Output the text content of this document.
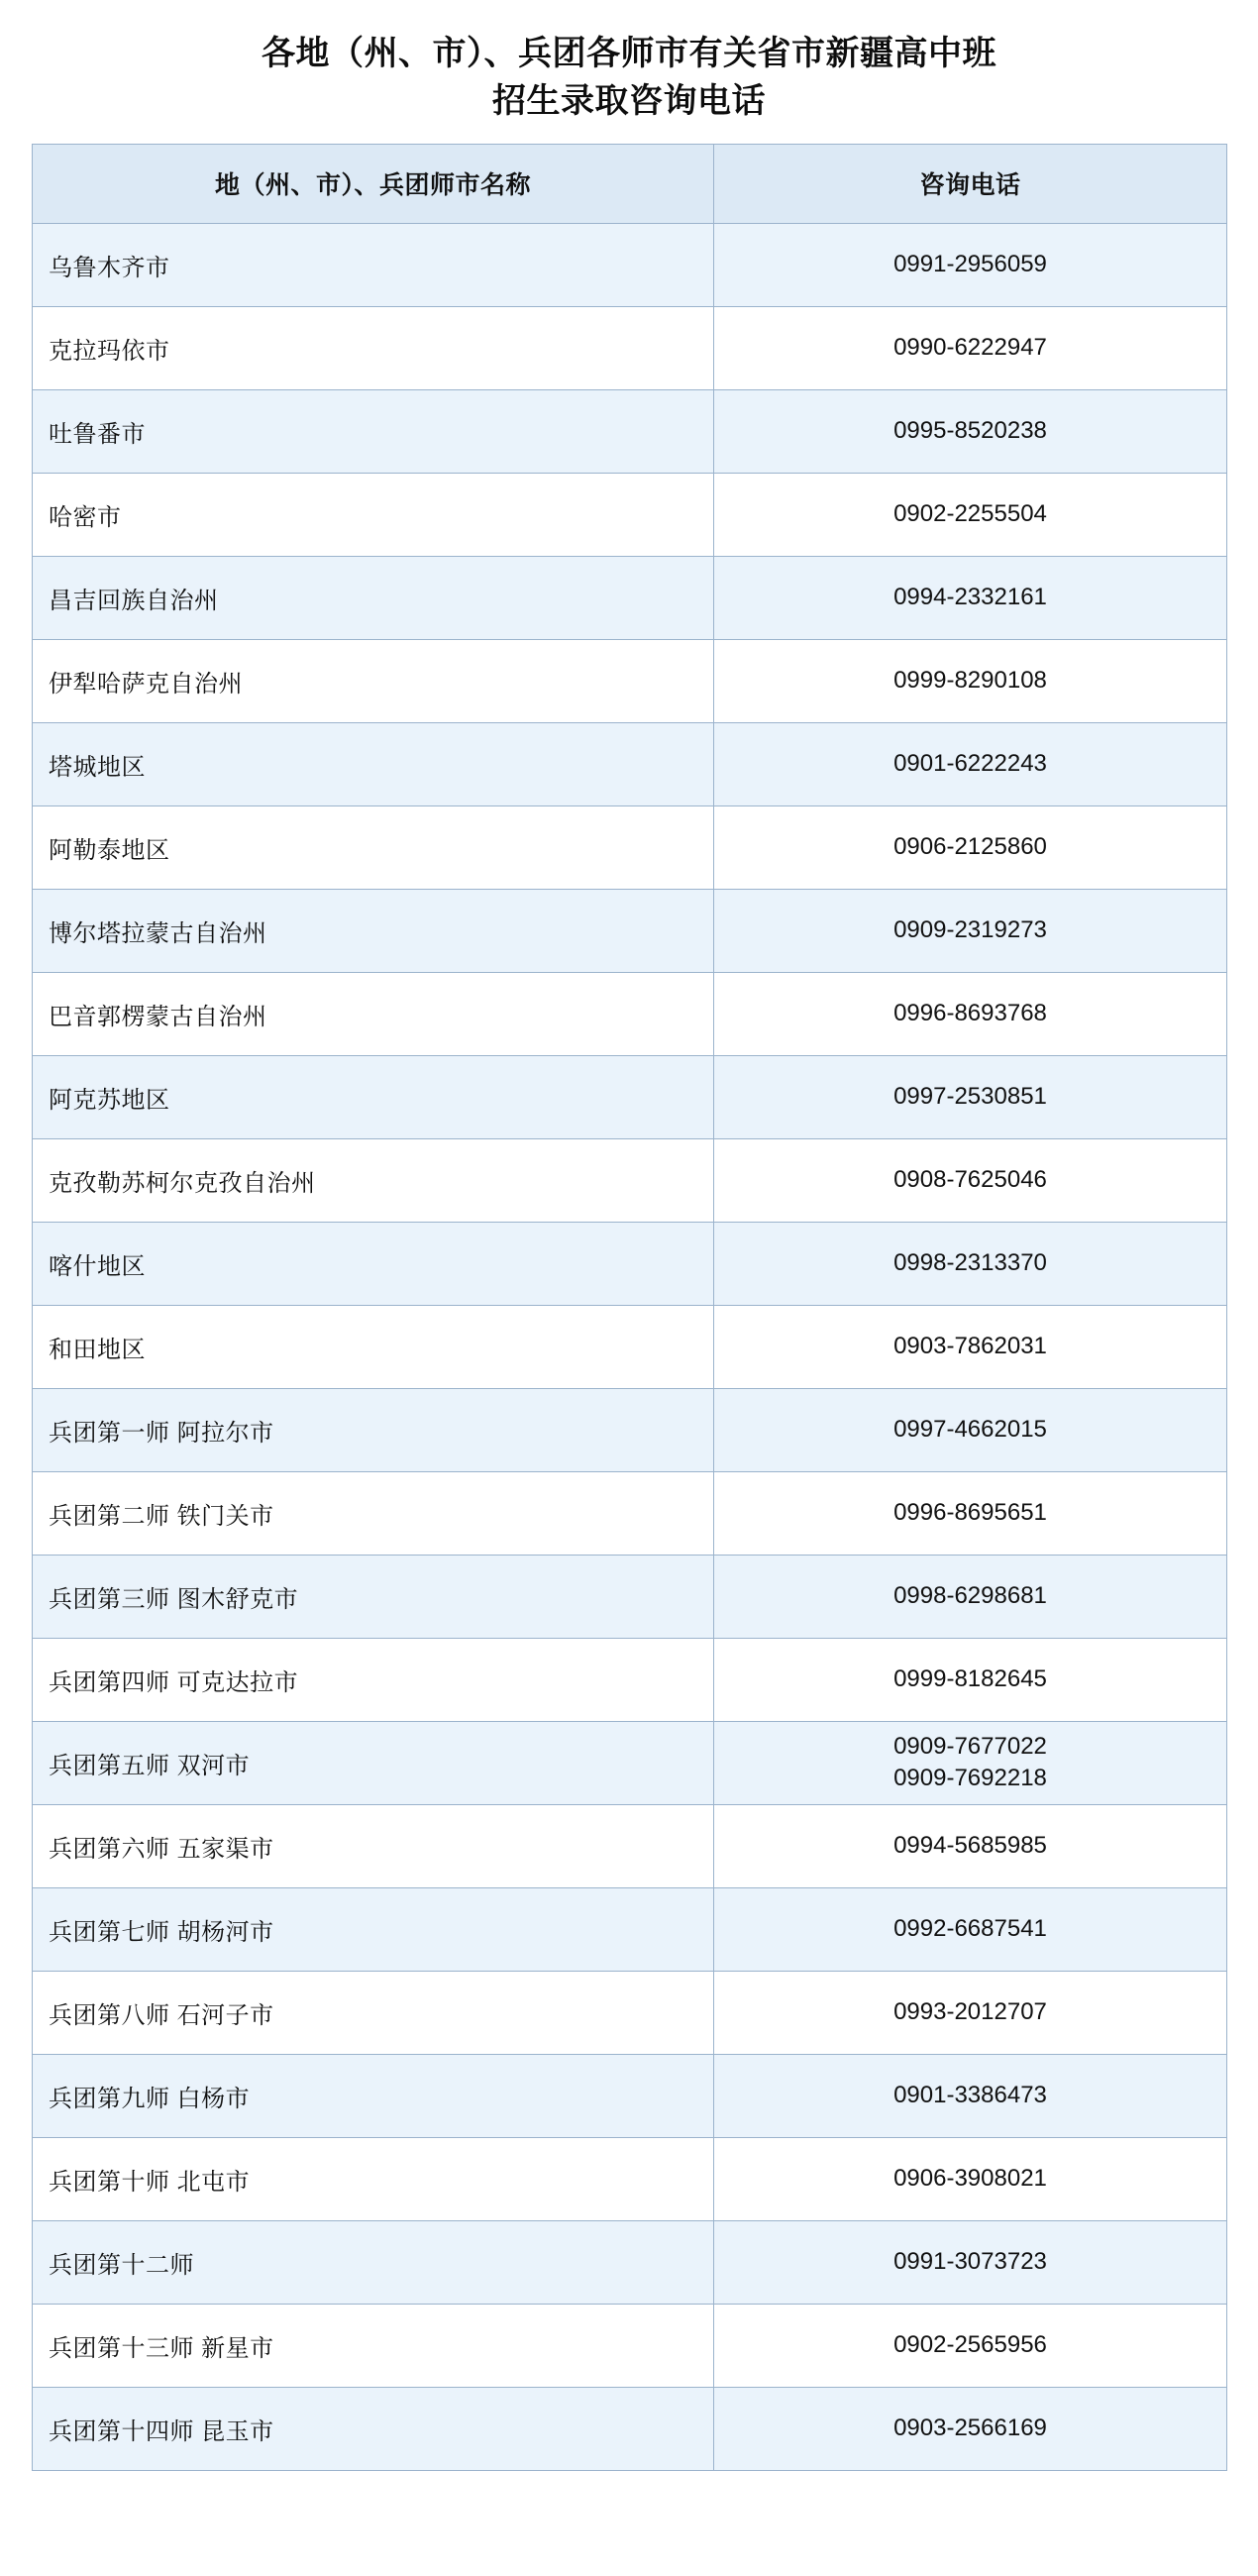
各地（州、市）、兵团各师市有关省市新疆高中班
招生录取咨询电话
地（州、市）、兵团师市名称	咨询电话
乌鲁木齐市	0991-2956059

克拉玛依市	0990-6222947

吐鲁番市	0995-8520238

哈密市	0902-2255504

昌吉回族自治州	0994-2332161

伊犁哈萨克自治州	0999-8290108

塔城地区	0901-6222243

阿勒泰地区	0906-2125860

博尔塔拉蒙古自治州	0909-2319273

巴音郭楞蒙古自治州	0996-8693768

阿克苏地区	0997-2530851

克孜勒苏柯尔克孜自治州	0908-7625046

喀什地区	0998-2313370

和田地区	0903-7862031

兵团第一师 阿拉尔市	0997-4662015

兵团第二师 铁门关市	0996-8695651

兵团第三师 图木舒克市	0998-6298681

兵团第四师 可克达拉市	0999-8182645

兵团第五师 双河市	0909-7677022
0909-7692218

兵团第六师 五家渠市	0994-5685985

兵团第七师 胡杨河市	0992-6687541

兵团第八师 石河子市	0993-2012707

兵团第九师 白杨市	0901-3386473

兵团第十师 北屯市	0906-3908021

兵团第十二师	0991-3073723

兵团第十三师 新星市	0902-2565956

兵团第十四师 昆玉市	0903-2566169
